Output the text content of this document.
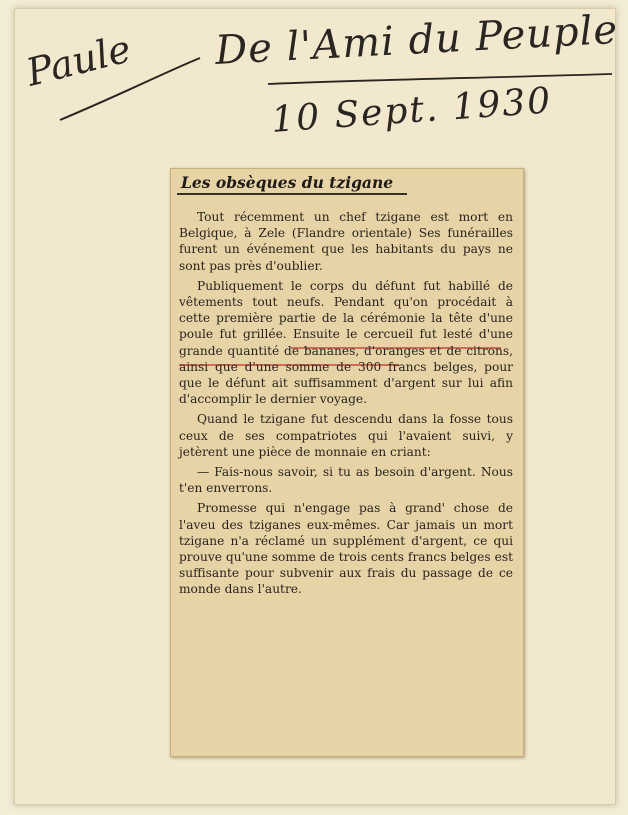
Paule De l'Ami du Peuple
10 Sept. 1930
Les obsèques du tzigane

Tout récemment un chef tzigane est mort en Belgique, à Zele (Flandre orientale) Ses funérailles furent un événement que les habitants du pays ne sont pas près d'oublier.

Publiquement le corps du défunt fut habillé de vêtements tout neufs. Pendant qu'on procédait à cette première partie de la cérémonie la tête d'une poule fut grillée. Ensuite le cercueil fut lesté d'une grande quantité de bananes, d'oranges et de citrons, ainsi que d'une somme de 300 francs belges, pour que le défunt ait suffisamment d'argent sur lui afin d'accomplir le dernier voyage.

Quand le tzigane fut descendu dans la fosse tous ceux de ses compatriotes qui l'avaient suivi, y jetèrent une pièce de monnaie en criant:

— Fais-nous savoir, si tu as besoin d'argent. Nous t'en enverrons.

Promesse qui n'engage pas à grand' chose de l'aveu des tziganes eux-mêmes. Car jamais un mort tzigane n'a réclamé un supplément d'argent, ce qui prouve qu'une somme de trois cents francs belges est suffisante pour subvenir aux frais du passage de ce monde dans l'autre.
